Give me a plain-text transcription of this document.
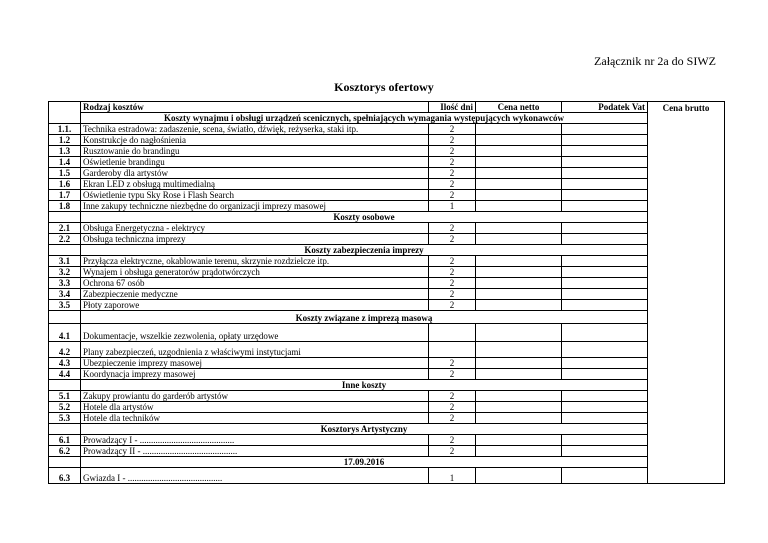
Załącznik nr 2a do SIWZ
Kosztorys ofertowy
	Rodzaj kosztów	Ilość dni	Cena netto	Podatek Vat	Cena brutto
	Koszty wynajmu i obsługi urządzeń scenicznych, spełniających wymagania występujących wykonawców				
1.1.	Technika estradowa: zadaszenie, scena, światło, dźwięk, reżyserka, staki itp.	2			
1.2	Konstrukcje do nagłośnienia	2			
1.3	Rusztowanie do brandingu	2			
1.4	Oświetlenie brandingu	2			
1.5	Garderoby dla artystów	2			
1.6	Ekran LED z obsługą multimedialną	2			
1.7	Oświetlenie typu Sky Rose i Flash Search	2			
1.8	Inne zakupy techniczne niezbędne do organizacji imprezy masowej	1			
	Koszty osobowe				
2.1	Obsługa Energetyczna - elektrycy	2			
2.2	Obsługa techniczna imprezy	2			
	Koszty zabezpieczenia imprezy				
3.1	Przyłącza elektryczne, okablowanie terenu, skrzynie rozdzielcze itp.	2			
3.2	Wynajem i obsługa generatorów prądotwórczych	2			
3.3	Ochrona 67 osób	2			
3.4	Zabezpieczenie medyczne	2			
3.5	Płoty zaporowe	2			
	Koszty związane z imprezą masową				
4.1	Dokumentacje, wszelkie zezwolenia, opłaty urzędowe				
4.2	Plany zabezpieczeń, uzgodnienia z właściwymi instytucjami				
4.3	Ubezpieczenie imprezy masowej	2			
4.4	Koordynacja imprezy masowej	2			
	Inne koszty				
5.1	Zakupy prowiantu do garderób artystów	2			
5.2	Hotele dla artystów	2			
5.3	Hotele dla techników	2			
	Kosztorys Artystyczny				
6.1	Prowadzący I - ..........................................	2			
6.2	Prowadzący II - ..........................................	2			
	17.09.2016				
6.3	Gwiazda I - ..........................................	1			
